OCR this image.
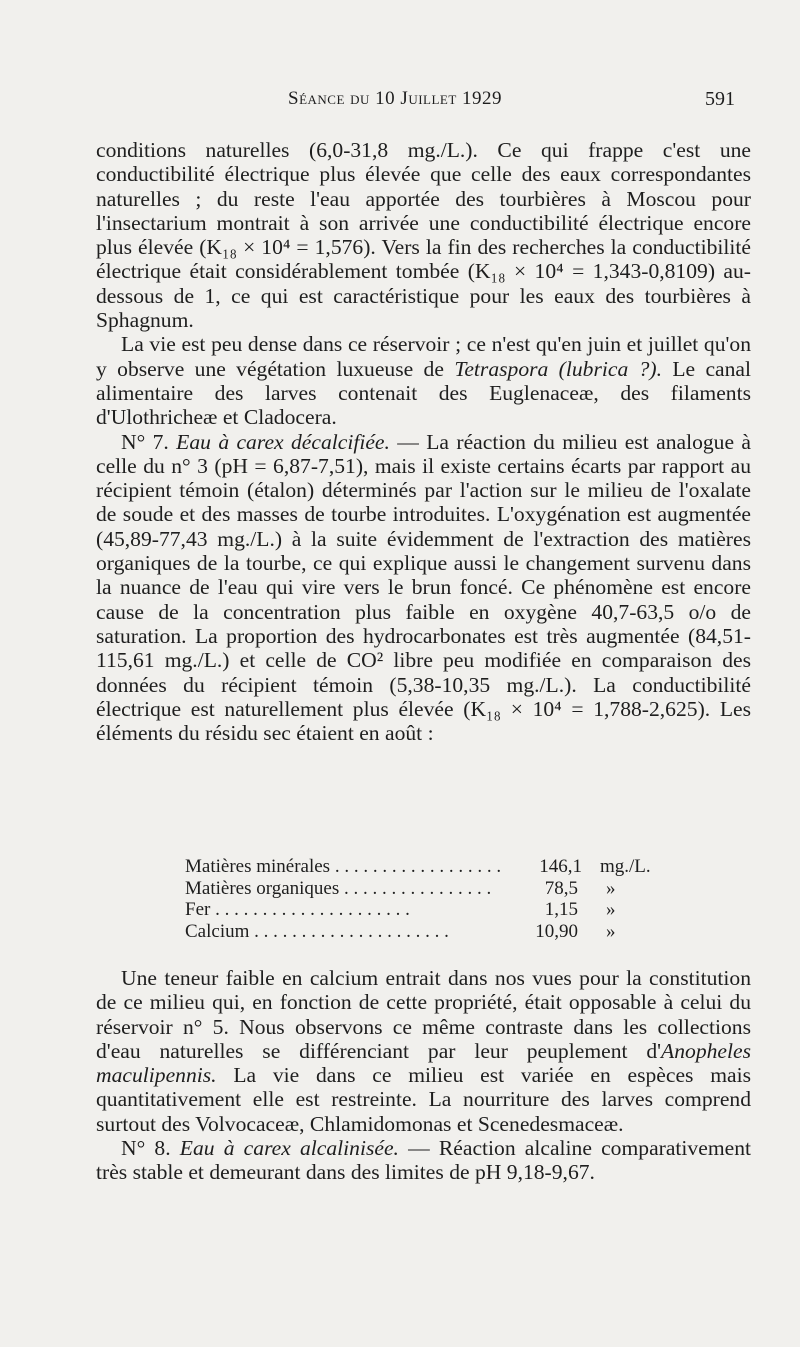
Séance du 10 Juillet 1929	591

conditions naturelles (6,0-31,8 mg./L.). Ce qui frappe c'est une conductibilité électrique plus élevée que celle des eaux correspondantes naturelles ; du reste l'eau apportée des tourbières à Moscou pour l'insectarium montrait à son arrivée une conductibilité électrique encore plus élevée (K₁₈ × 10⁴ = 1,576). Vers la fin des recherches la conductibilité électrique était considérablement tombée (K₁₈ × 10⁴ = 1,343-0,8109) au-dessous de 1, ce qui est caractéristique pour les eaux des tourbières à Sphagnum.

La vie est peu dense dans ce réservoir ; ce n'est qu'en juin et juillet qu'on y observe une végétation luxueuse de Tetraspora (lubrica ?). Le canal alimentaire des larves contenait des Euglenaceæ, des filaments d'Ulothricheæ et Cladocera.

N° 7. Eau à carex décalcifiée. — La réaction du milieu est analogue à celle du n° 3 (pH = 6,87-7,51), mais il existe certains écarts par rapport au récipient témoin (étalon) déterminés par l'action sur le milieu de l'oxalate de soude et des masses de tourbe introduites. L'oxygénation est augmentée (45,89-77,43 mg./L.) à la suite évidemment de l'extraction des matières organiques de la tourbe, ce qui explique aussi le changement survenu dans la nuance de l'eau qui vire vers le brun foncé. Ce phénomène est encore cause de la concentration plus faible en oxygène 40,7-63,5 o/o de saturation. La proportion des hydrocarbonates est très augmentée (84,51-115,61 mg./L.) et celle de CO² libre peu modifiée en comparaison des données du récipient témoin (5,38-10,35 mg./L.). La conductibilité électrique est naturellement plus élevée (K₁₈ × 10⁴ = 1,788-2,625). Les éléments du résidu sec étaient en août :

Matières minérales . . .	146,1 mg./L.
Matières organiques . . .	78,5	»
Fer . . .	1,15	»
Calcium . . .	10,90	»

Une teneur faible en calcium entrait dans nos vues pour la constitution de ce milieu qui, en fonction de cette propriété, était opposable à celui du réservoir n° 5. Nous observons ce même contraste dans les collections d'eau naturelles se différenciant par leur peuplement d'Anopheles maculipennis. La vie dans ce milieu est variée en espèces mais quantitativement elle est restreinte. La nourriture des larves comprend surtout des Volvocaceæ, Chlamidomonas et Scenedesmaceæ.

N° 8. Eau à carex alcalinisée. — Réaction alcaline comparativement très stable et demeurant dans des limites de pH 9,18-9,67.
